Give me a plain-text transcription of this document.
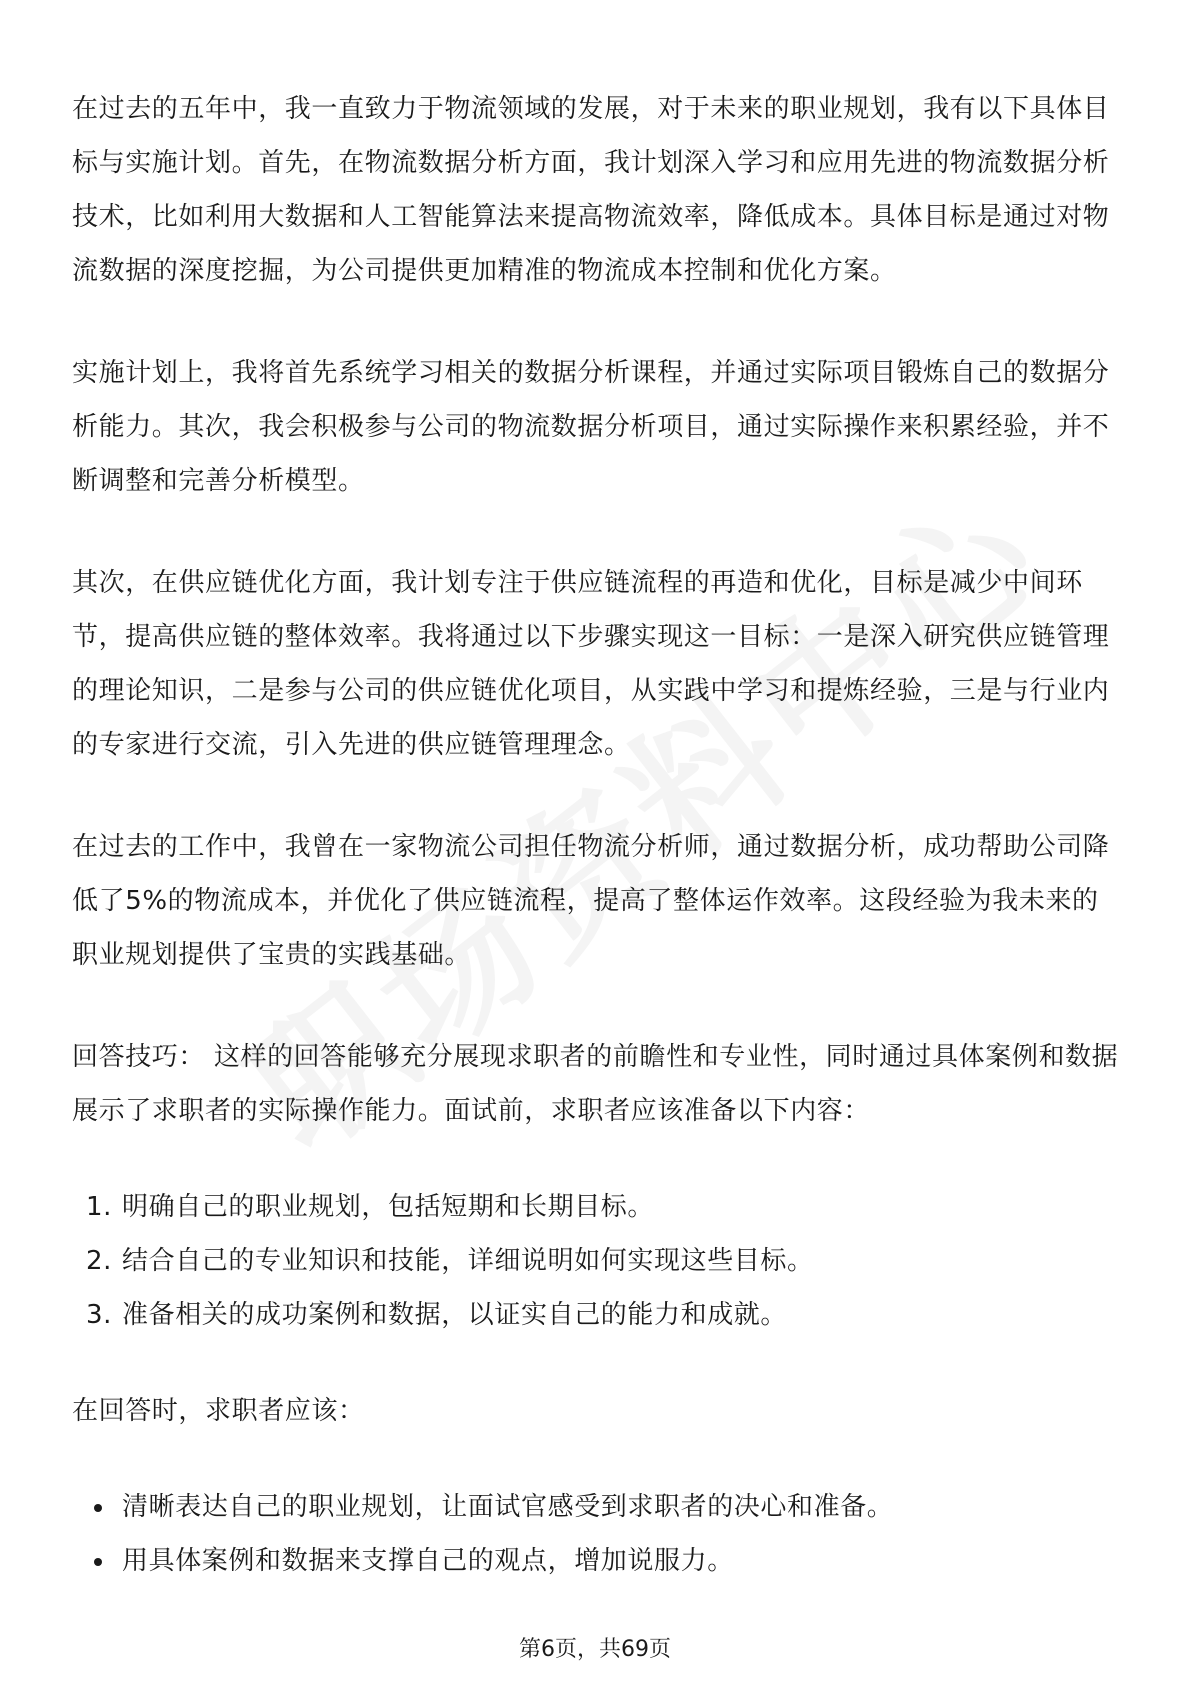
在过去的五年中，我一直致力于物流领域的发展，对于未来的职业规划，我有以下具体目标与实施计划。首先，在物流数据分析方面，我计划深入学习和应用先进的物流数据分析技术，比如利用大数据和人工智能算法来提高物流效率，降低成本。具体目标是通过对物流数据的深度挖掘，为公司提供更加精准的物流成本控制和优化方案。

实施计划上，我将首先系统学习相关的数据分析课程，并通过实际项目锻炼自己的数据分析能力。其次，我会积极参与公司的物流数据分析项目，通过实际操作来积累经验，并不断调整和完善分析模型。

其次，在供应链优化方面，我计划专注于供应链流程的再造和优化，目标是减少中间环节，提高供应链的整体效率。我将通过以下步骤实现这一目标：一是深入研究供应链管理的理论知识，二是参与公司的供应链优化项目，从实践中学习和提炼经验，三是与行业内的专家进行交流，引入先进的供应链管理理念。

在过去的工作中，我曾在一家物流公司担任物流分析师，通过数据分析，成功帮助公司降低了5%的物流成本，并优化了供应链流程，提高了整体运作效率。这段经验为我未来的职业规划提供了宝贵的实践基础。

回答技巧： 这样的回答能够充分展现求职者的前瞻性和专业性，同时通过具体案例和数据展示了求职者的实际操作能力。面试前，求职者应该准备以下内容：

1. 明确自己的职业规划，包括短期和长期目标。
2. 结合自己的专业知识和技能，详细说明如何实现这些目标。
3. 准备相关的成功案例和数据，以证实自己的能力和成就。

在回答时，求职者应该：

清晰表达自己的职业规划，让面试官感受到求职者的决心和准备。
用具体案例和数据来支撑自己的观点，增加说服力。
第6页，共69页
